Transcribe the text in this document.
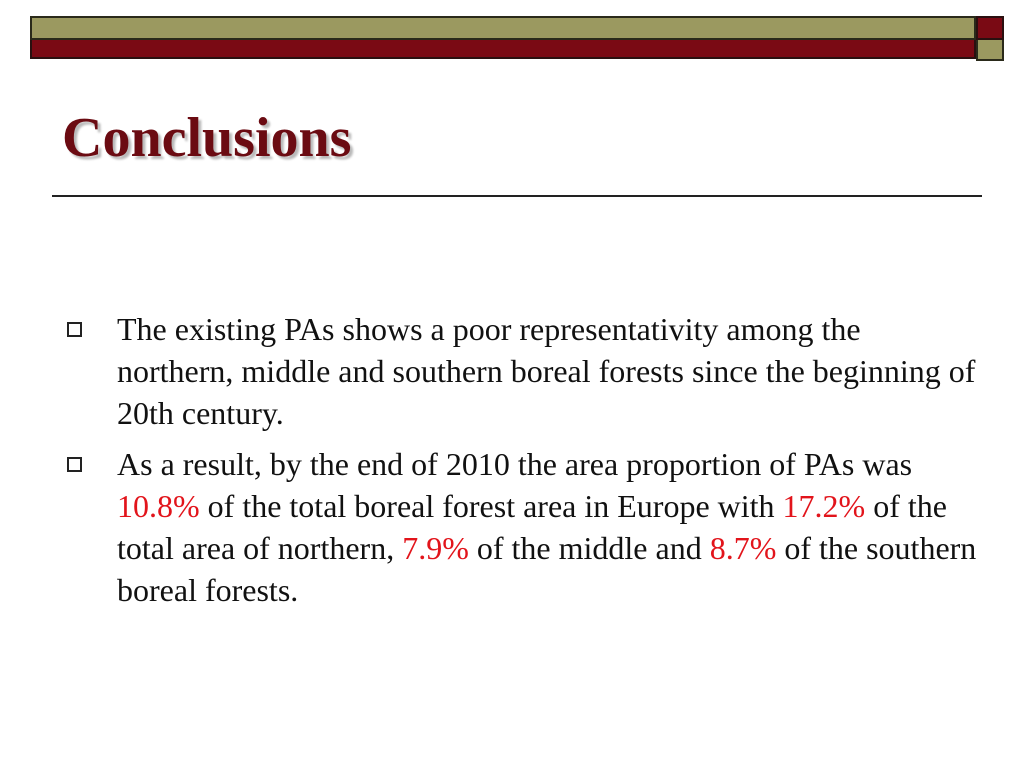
Conclusions
The existing PAs shows a poor representativity among the northern, middle and southern boreal forests since the beginning of 20th century.
As a result, by the end of 2010 the area proportion of PAs was 10.8% of the total boreal forest area in Europe with 17.2% of the total area of northern, 7.9% of the middle and 8.7% of the southern boreal forests.
